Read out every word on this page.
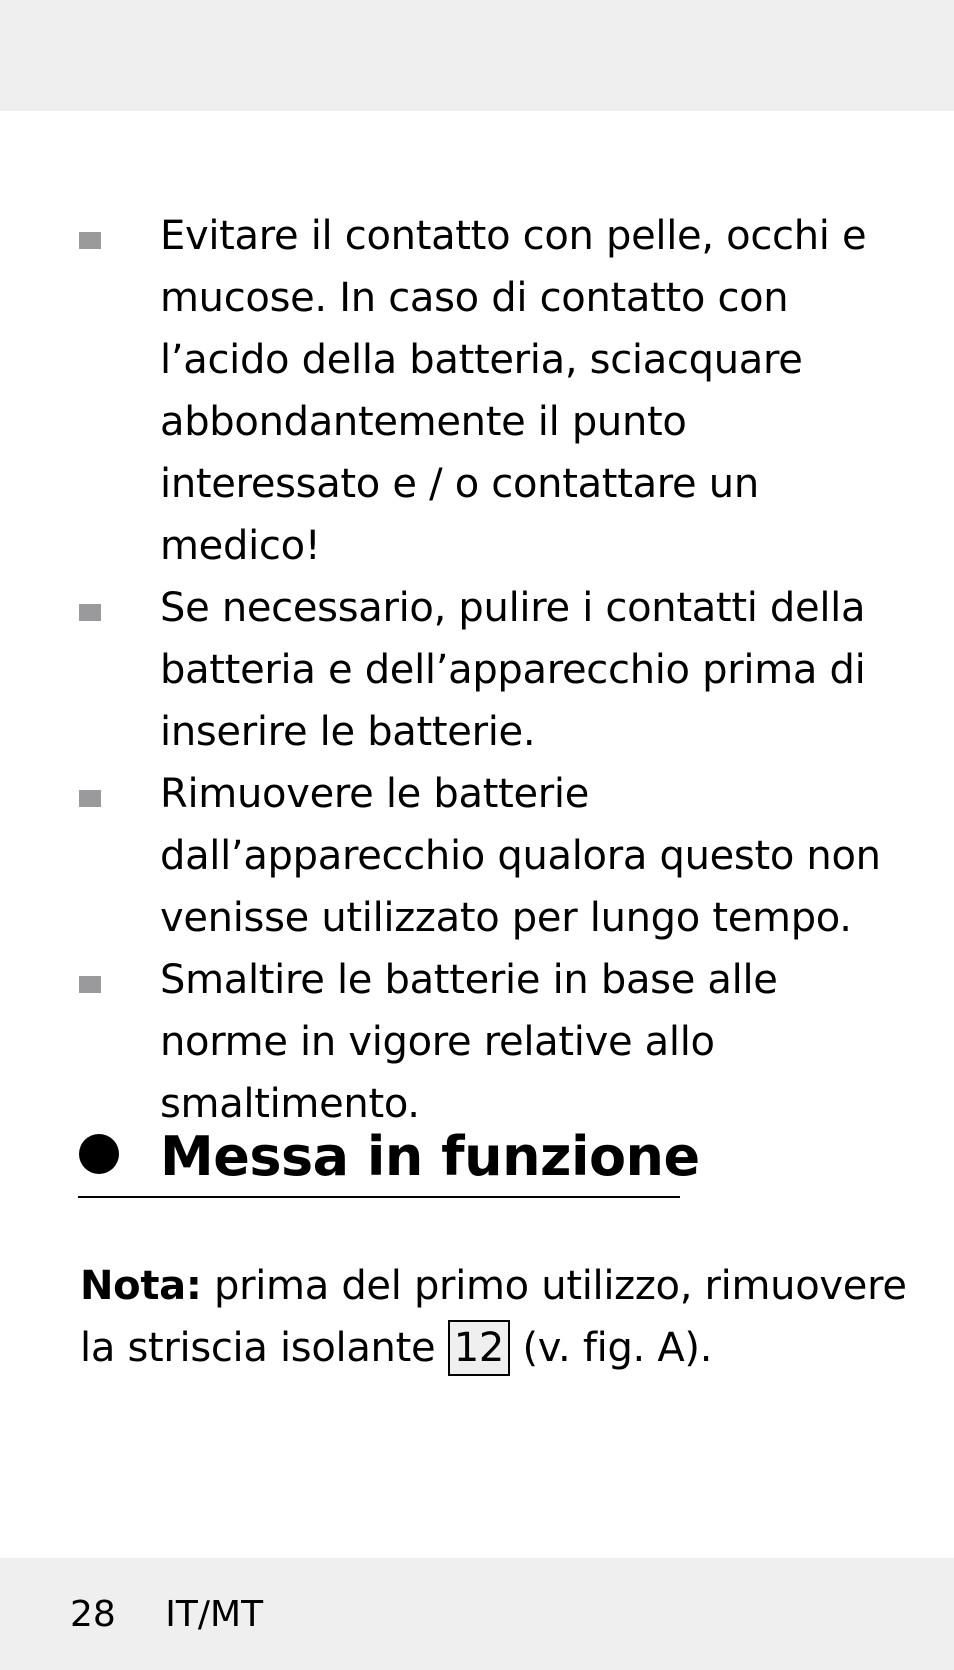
Evitare il contatto con pelle, occhi e mucose. In caso di contatto con l’acido della batteria, sciacquare abbondantemente il punto interessato e / o contattare un medico!
Se necessario, pulire i contatti della batteria e dell’apparecchio prima di inserire le batterie.
Rimuovere le batterie dall’apparecchio qualora questo non venisse utilizzato per lungo tempo.
Smaltire le batterie in base alle norme in vigore relative allo smaltimento.
Messa in funzione
Nota: prima del primo utilizzo, rimuovere la striscia isolante 12 (v. fig. A).
28 IT/MT
